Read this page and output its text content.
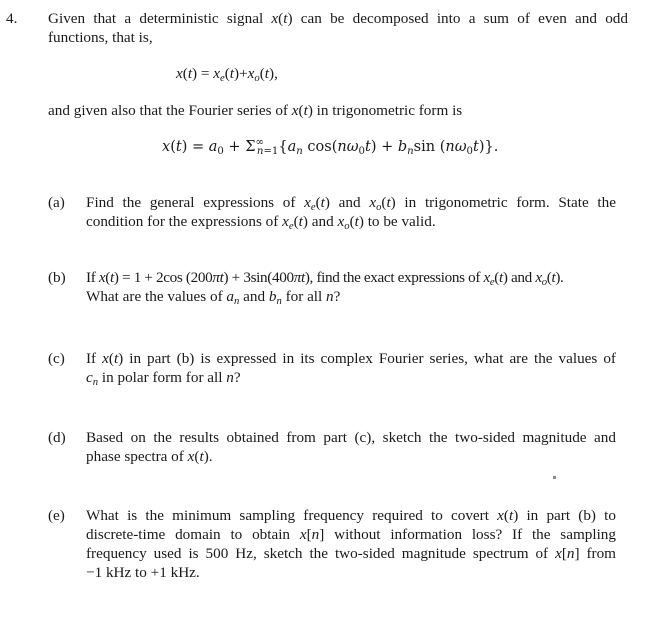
4. Given that a deterministic signal x(t) can be decomposed into a sum of even and odd
functions, that is,
$x(t) = x_e(t)+x_o(t)$,
and given also that the Fourier series of x(t) in trigonometric form is
$x(t) = a_0 + \Sigma^\infty_{n=1}\{a_n$ $\cos(n\omega_0t) + b_n\sin$ $(n\omega_0t)$}.
(a) Find the general expressions of $x_e(t)$ and $x_o(t)$ in trigonometric form. State the
condition for the expressions of $x_e(t)$ and $x_o(t)$ to be valid.
(b) If x(t) = 1 + 2cos (200πt) + 3sin(400πt), find the exact expressions of $x_e(t)$ and $x_o(t)$.
What are the values of $a_n$ and $b_n$ for all n?
(c) If x(t) in part (b) is expressed in its complex Fourier series, what are the values of
$c_n$ in polar form for all n?
(d) Based on the results obtained from part (c), sketch the two-sided magnitude and
phase spectra of x(t).
(e) What is the minimum sampling frequency required to covert x(t) in part (b) to
discrete-time domain to obtain x[n] without information loss? If the sampling
frequency used is 500 Hz, sketch the two-sided magnitude spectrum of x[n] from
−1 kHz to +1 kHz.
